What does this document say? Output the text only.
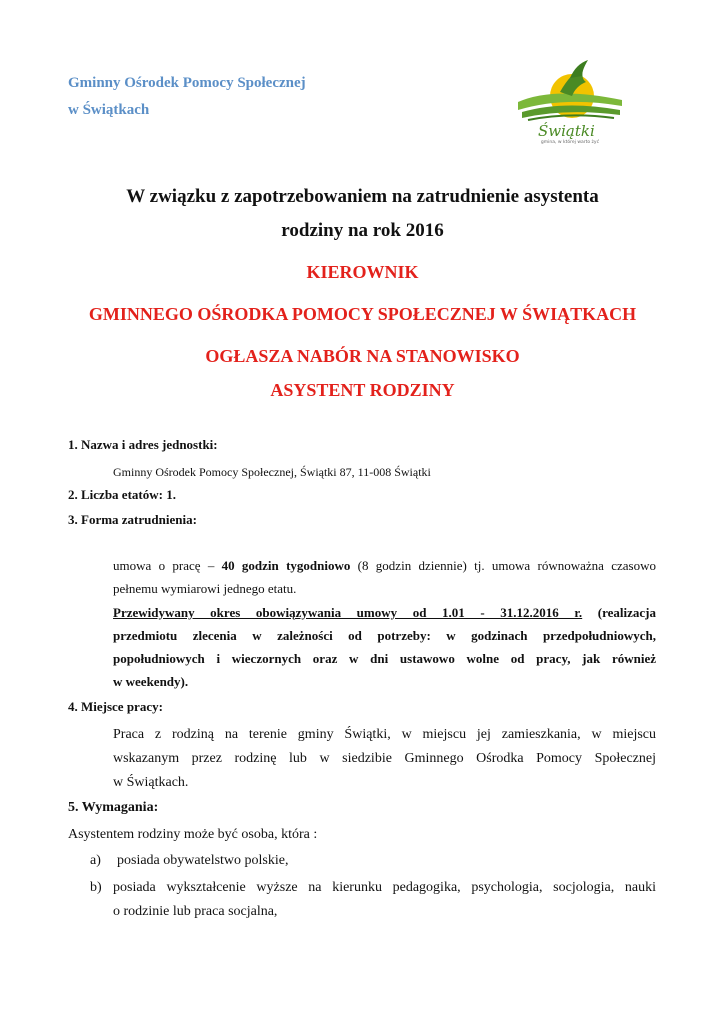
Gminny Ośrodek Pomocy Społecznej
w Świątkach
Świątki
gmina, w której warto żyć
W związku z zapotrzebowaniem na zatrudnienie asystenta
rodziny na rok 2016
KIEROWNIK
GMINNEGO OŚRODKA POMOCY SPOŁECZNEJ W ŚWIĄTKACH
OGŁASZA NABÓR NA STANOWISKO
ASYSTENT RODZINY
1. Nazwa i adres jednostki:
Gminny Ośrodek Pomocy Społecznej, Świątki 87, 11-008 Świątki
2. Liczba etatów: 1.
3. Forma zatrudnienia:
umowa o pracę – 40 godzin tygodniowo (8 godzin dziennie) tj. umowa równoważna czasowo
pełnemu wymiarowi jednego etatu.
Przewidywany okres obowiązywania umowy od 1.01 - 31.12.2016 r. (realizacja
przedmiotu zlecenia w zależności od potrzeby: w godzinach przedpołudniowych,
popołudniowych i wieczornych oraz w dni ustawowo wolne od pracy, jak również
w weekendy).
4. Miejsce pracy:
Praca z rodziną na terenie gminy Świątki, w miejscu jej zamieszkania, w miejscu
wskazanym przez rodzinę lub w siedzibie Gminnego Ośrodka Pomocy Społecznej
w Świątkach.
5. Wymagania:
Asystentem rodziny może być osoba, która :
a) posiada obywatelstwo polskie,
b) posiada wykształcenie wyższe na kierunku pedagogika, psychologia, socjologia, nauki
o rodzinie lub praca socjalna,
